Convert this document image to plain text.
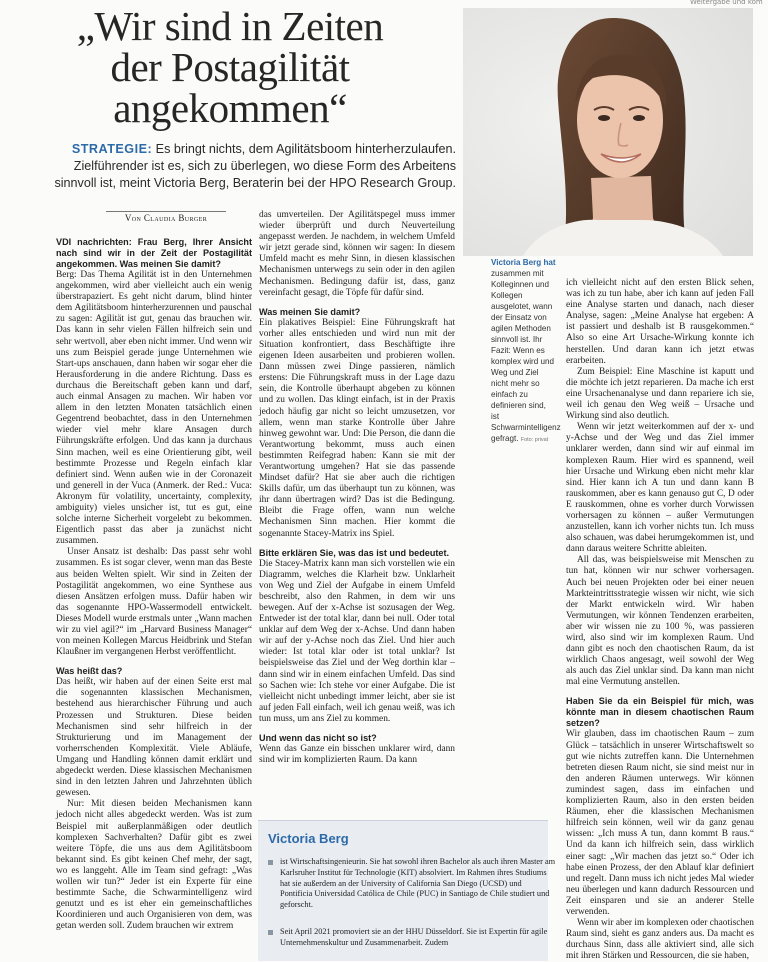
Weitergabe und kom
„Wir sind in Zeiten
der Postagilität
angekommen“
STRATEGIE: Es bringt nichts, dem Agilitätsboom hinterherzulaufen. Zielführender ist es, sich zu überlegen, wo diese Form des Arbeitens sinnvoll ist, meint Victoria Berg, Beraterin bei der HPO Research Group.
Von Claudia Burger
VDI nachrichten: Frau Berg, Ihrer Ansicht nach sind wir in der Zeit der Postagilität angekommen. Was meinen Sie damit?

Berg: Das Thema Agilität ist in den Unternehmen angekommen, wird aber vielleicht auch ein wenig überstrapaziert. Es geht nicht darum, blind hinter dem Agilitätsboom hinterherzurennen und pauschal zu sagen: Agilität ist gut, genau das brauchen wir. Das kann in sehr vielen Fällen hilfreich sein und sehr wertvoll, aber eben nicht immer. Und wenn wir uns zum Beispiel gerade junge Unternehmen wie Start-ups anschauen, dann haben wir sogar eher die Herausforderung in die andere Richtung. Dass es durchaus die Bereitschaft geben kann und darf, auch einmal Ansagen zu machen. Wir haben vor allem in den letzten Monaten tatsächlich einen Gegentrend beobachtet, dass in den Unternehmen wieder viel mehr klare Ansagen durch Führungskräfte erfolgen. Und das kann ja durchaus Sinn machen, weil es eine Orientierung gibt, weil bestimmte Prozesse und Regeln einfach klar definiert sind. Wenn außen wie in der Coronazeit und generell in der Vuca (Anmerk. der Red.: Vuca: Akronym für volatility, uncertainty, complexity, ambiguity) vieles unsicher ist, tut es gut, eine solche interne Sicherheit vorgelebt zu bekommen. Eigentlich passt das aber ja zunächst nicht zusammen.

Unser Ansatz ist deshalb: Das passt sehr wohl zusammen. Es ist sogar clever, wenn man das Beste aus beiden Welten spielt. Wir sind in Zeiten der Postagilität angekommen, wo eine Synthese aus diesen Ansätzen erfolgen muss. Dafür haben wir das sogenannte HPO-Wassermodell entwickelt. Dieses Modell wurde erstmals unter „Wann machen wir zu viel agil?“ im „Harvard Business Manager“ von meinen Kollegen Marcus Heidbrink und Stefan Klaußner im vergangenen Herbst veröffentlicht.

Was heißt das?

Das heißt, wir haben auf der einen Seite erst mal die sogenannten klassischen Mechanismen, bestehend aus hierarchischer Führung und auch Prozessen und Strukturen. Diese beiden Mechanismen sind sehr hilfreich in der Strukturierung und im Management der vorherrschenden Komplexität. Viele Abläufe, Umgang und Handling können damit erklärt und abgedeckt werden. Diese klassischen Mechanismen sind in den letzten Jahren und Jahrzehnten üblich gewesen.

Nur: Mit diesen beiden Mechanismen kann jedoch nicht alles abgedeckt werden. Was ist zum Beispiel mit außerplanmäßigen oder deutlich komplexen Sachverhalten? Dafür gibt es zwei weitere Töpfe, die uns aus dem Agilitätsboom bekannt sind. Es gibt keinen Chef mehr, der sagt, wo es langgeht. Alle im Team sind gefragt: „Was wollen wir tun?“ Jeder ist ein Experte für eine bestimmte Sache, die Schwarmintelligenz wird genutzt und es ist eher ein gemeinschaftliches Koordinieren und auch Organisieren von dem, was getan werden soll. Zudem brauchen wir extrem

das umverteilen. Der Agilitätspegel muss immer wieder überprüft und durch Neuverteilung angepasst werden. Je nachdem, in welchem Umfeld wir jetzt gerade sind, können wir sagen: In diesem Umfeld macht es mehr Sinn, in diesen klassischen Mechanismen unterwegs zu sein oder in den agilen Mechanismen. Bedingung dafür ist, dass, ganz vereinfacht gesagt, die Töpfe für dafür sind.

Was meinen Sie damit?

Ein plakatives Beispiel: Eine Führungskraft hat vorher alles entschieden und wird nun mit der Situation konfrontiert, dass Beschäftigte ihre eigenen Ideen ausarbeiten und probieren wollen. Dann müssen zwei Dinge passieren, nämlich erstens: Die Führungskraft muss in der Lage dazu sein, die Kontrolle überhaupt abgeben zu können und zu wollen. Das klingt einfach, ist in der Praxis jedoch häufig gar nicht so leicht umzusetzen, vor allem, wenn man starke Kontrolle über Jahre hinweg gewohnt war. Und: Die Person, die dann die Verantwortung bekommt, muss auch einen bestimmten Reifegrad haben: Kann sie mit der Verantwortung umgehen? Hat sie das passende Mindset dafür? Hat sie aber auch die richtigen Skills dafür, um das überhaupt tun zu können, was ihr dann übertragen wird? Das ist die Bedingung. Bleibt die Frage offen, wann nun welche Mechanismen Sinn machen. Hier kommt die sogenannte Stacey-Matrix ins Spiel.

Bitte erklären Sie, was das ist und bedeutet.

Die Stacey-Matrix kann man sich vorstellen wie ein Diagramm, welches die Klarheit bzw. Unklarheit von Weg und Ziel der Aufgabe in einem Umfeld beschreibt, also den Rahmen, in dem wir uns bewegen. Auf der x-Achse ist sozusagen der Weg. Entweder ist der total klar, dann bei null. Oder total unklar auf dem Weg der x-Achse. Und dann haben wir auf der y-Achse noch das Ziel. Und hier auch wieder: Ist total klar oder ist total unklar? Ist beispielsweise das Ziel und der Weg dorthin klar – dann sind wir in einem einfachen Umfeld. Das sind so Sachen wie: Ich stehe vor einer Aufgabe. Die ist vielleicht nicht unbedingt immer leicht, aber sie ist auf jeden Fall einfach, weil ich genau weiß, was ich tun muss, um ans Ziel zu kommen.

Und wenn das nicht so ist?

Wenn das Ganze ein bisschen unklarer wird, dann sind wir im komplizierten Raum. Da kann

ich vielleicht nicht auf den ersten Blick sehen, was ich zu tun habe, aber ich kann auf jeden Fall eine Analyse starten und danach, nach dieser Analyse, sagen: „Meine Analyse hat ergeben: A ist passiert und deshalb ist B rausgekommen.“ Also so eine Art Ursache-Wirkung konnte ich herstellen. Und daran kann ich jetzt etwas erarbeiten.

Zum Beispiel: Eine Maschine ist kaputt und die möchte ich jetzt reparieren. Da mache ich erst eine Ursachenanalyse und dann repariere ich sie, weil ich genau den Weg weiß – Ursache und Wirkung sind also deutlich.

Wenn wir jetzt weiterkommen auf der x- und y-Achse und der Weg und das Ziel immer unklarer werden, dann sind wir auf einmal im komplexen Raum. Hier wird es spannend, weil hier Ursache und Wirkung eben nicht mehr klar sind. Hier kann ich A tun und dann kann B rauskommen, aber es kann genauso gut C, D oder E rauskommen, ohne es vorher durch Vorwissen vorhersagen zu können – außer Vermutungen anzustellen, kann ich vorher nichts tun. Ich muss also schauen, was dabei herumgekommen ist, und dann daraus weitere Schritte ableiten.

All das, was beispielsweise mit Menschen zu tun hat, können wir nur schwer vorhersagen. Auch bei neuen Projekten oder bei einer neuen Markteintrittsstrategie wissen wir nicht, wie sich der Markt entwickeln wird. Wir haben Vermutungen, wir können Tendenzen erarbeiten, aber wir wissen nie zu 100 %, was passieren wird, also sind wir im komplexen Raum. Und dann gibt es noch den chaotischen Raum, da ist wirklich Chaos angesagt, weil sowohl der Weg als auch das Ziel unklar sind. Da kann man nicht mal eine Vermutung anstellen.

Haben Sie da ein Beispiel für mich, was könnte man in diesem chaotischen Raum setzen?

Wir glauben, dass im chaotischen Raum – zum Glück – tatsächlich in unserer Wirtschaftswelt so gut wie nichts zutreffen kann. Die Unternehmen betreten diesen Raum nicht, sie sind meist nur in den anderen Räumen unterwegs. Wir können zumindest sagen, dass im einfachen und komplizierten Raum, also in den ersten beiden Räumen, eher die klassischen Mechanismen hilfreich sein können, weil wir da ganz genau wissen: „Ich muss A tun, dann kommt B raus.“ Und da kann ich hilfreich sein, dass wirklich einer sagt: „Wir machen das jetzt so.“ Oder ich habe einen Prozess, der den Ablauf klar definiert und regelt. Dann muss ich nicht jedes Mal wieder neu überlegen und kann dadurch Ressourcen und Zeit einsparen und sie an anderer Stelle verwenden.

Wenn wir aber im komplexen oder chaotischen Raum sind, sieht es ganz anders aus. Da macht es durchaus Sinn, dass alle aktiviert sind, alle sich mit ihren Stärken und Ressourcen, die sie haben,

Victoria Berg hat zusammen mit Kolleginnen und Kollegen ausgelotet, wann der Einsatz von agilen Methoden sinnvoll ist. Ihr Fazit: Wenn es komplex wird und Weg und Ziel nicht mehr so einfach zu definieren sind, ist Schwarmintelligenz gefragt. Foto: privat
Victoria Berg
ist Wirtschaftsingenieurin. Sie hat sowohl ihren Bachelor als auch ihren Master am Karlsruher Institut für Technologie (KIT) absolviert. Im Rahmen ihres Studiums hat sie außerdem an der University of California San Diego (UCSD) und Pontificia Universidad Católica de Chile (PUC) in Santiago de Chile studiert und geforscht.
Seit April 2021 promoviert sie an der HHU Düsseldorf. Sie ist Expertin für agile Unternehmenskultur und Zusammenarbeit. Zudem
